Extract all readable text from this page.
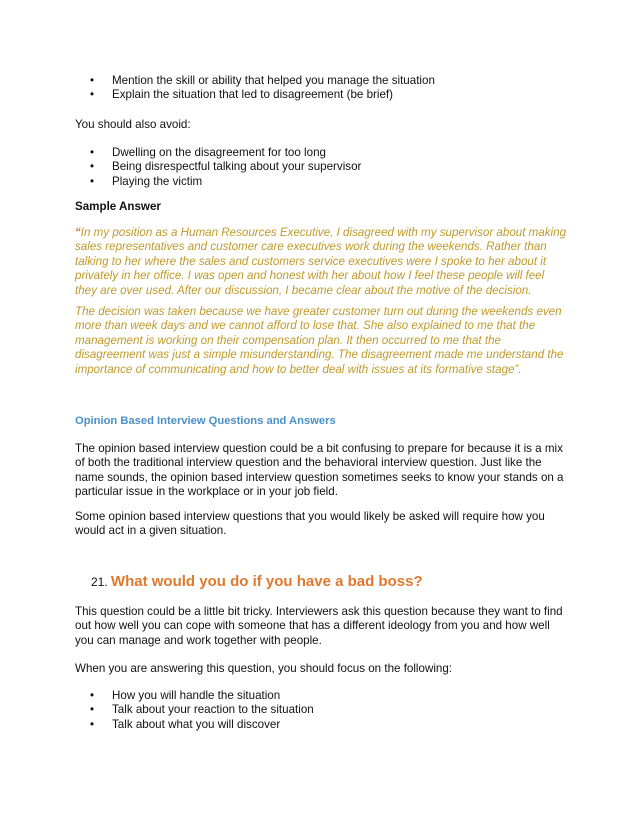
• Mention the skill or ability that helped you manage the situation
• Explain the situation that led to disagreement (be brief)
You should also avoid:
• Dwelling on the disagreement for too long
• Being disrespectful talking about your supervisor
• Playing the victim
Sample Answer
“In my position as a Human Resources Executive, I disagreed with my supervisor about making
sales representatives and customer care executives work during the weekends. Rather than
talking to her where the sales and customers service executives were I spoke to her about it
privately in her office. I was open and honest with her about how I feel these people will feel
they are over used. After our discussion, I became clear about the motive of the decision.
The decision was taken because we have greater customer turn out during the weekends even
more than week days and we cannot afford to lose that. She also explained to me that the
management is working on their compensation plan. It then occurred to me that the
disagreement was just a simple misunderstanding. The disagreement made me understand the
importance of communicating and how to better deal with issues at its formative stage”.
Opinion Based Interview Questions and Answers
The opinion based interview question could be a bit confusing to prepare for because it is a mix
of both the traditional interview question and the behavioral interview question. Just like the
name sounds, the opinion based interview question sometimes seeks to know your stands on a
particular issue in the workplace or in your job field.
Some opinion based interview questions that you would likely be asked will require how you
would act in a given situation.
21. What would you do if you have a bad boss?
This question could be a little bit tricky. Interviewers ask this question because they want to find
out how well you can cope with someone that has a different ideology from you and how well
you can manage and work together with people.
When you are answering this question, you should focus on the following:
• How you will handle the situation
• Talk about your reaction to the situation
• Talk about what you will discover
